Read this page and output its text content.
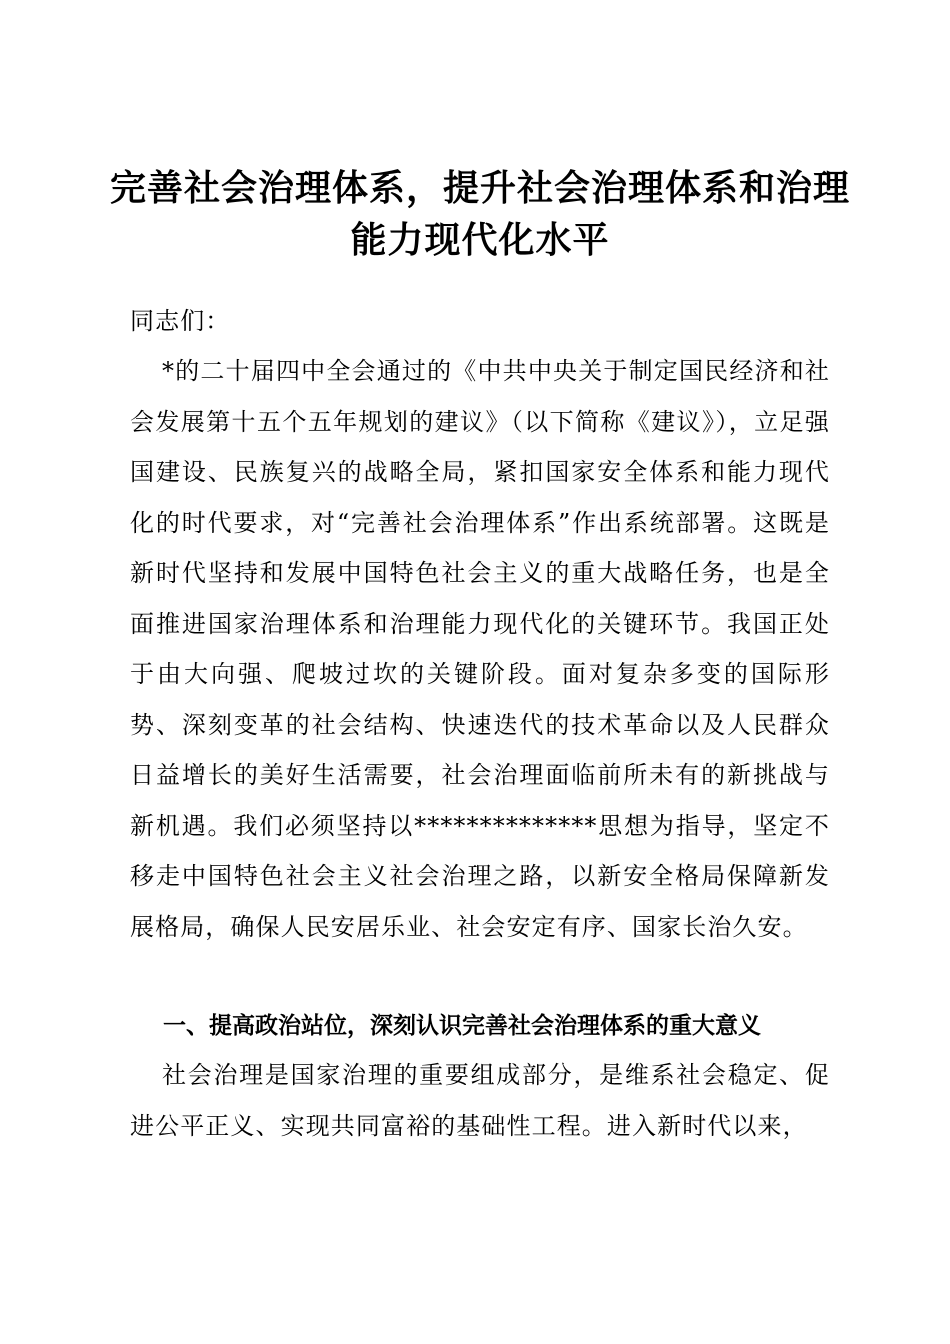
完善社会治理体系，提升社会治理体系和治理
能力现代化水平
同志们：
*的二十届四中全会通过的《中共中央关于制定国民经济和社会发展第十五个五年规划的建议》（以下简称《建议》），立足强国建设、民族复兴的战略全局，紧扣国家安全体系和能力现代化的时代要求，对“完善社会治理体系”作出系统部署。这既是新时代坚持和发展中国特色社会主义的重大战略任务，也是全面推进国家治理体系和治理能力现代化的关键环节。我国正处于由大向强、爬坡过坎的关键阶段。面对复杂多变的国际形势、深刻变革的社会结构、快速迭代的技术革命以及人民群众日益增长的美好生活需要，社会治理面临前所未有的新挑战与新机遇。我们必须坚持以**************思想为指导，坚定不移走中国特色社会主义社会治理之路，以新安全格局保障新发展格局，确保人民安居乐业、社会安定有序、国家长治久安。
一、提高政治站位，深刻认识完善社会治理体系的重大意义
社会治理是国家治理的重要组成部分，是维系社会稳定、促进公平正义、实现共同富裕的基础性工程。进入新时代以来，
